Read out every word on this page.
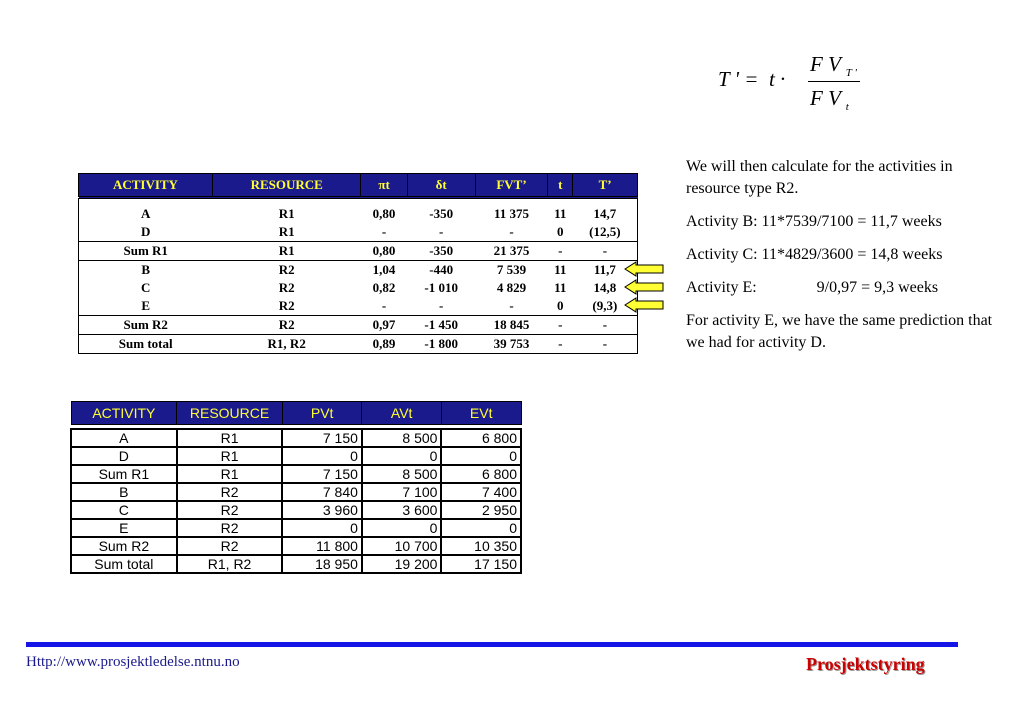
T ' =  t ·
F V $_{T '}$
F V $_t$
ACTIVITY	RESOURCE	πt	δt	FVT’	t	T’

A	R1	0,80	-350	11 375	11	14,7
D	R1	-	-	-	0	(12,5)
Sum R1	R1	0,80	-350	21 375	-	-
B	R2	1,04	-440	7 539	11	11,7
C	R2	0,82	-1 010	4 829	11	14,8
E	R2	-	-	-	0	(9,3)
Sum R2	R2	0,97	-1 450	18 845	-	-
Sum total	R1, R2	0,89	-1 800	39 753	-	-

We will then calculate for the activities in resource type R2.

Activity B: 11*7539/7100 = 11,7 weeks

Activity C: 11*4829/3600 = 14,8 weeks

Activity E:               9/0,97 = 9,3 weeks

For activity E, we have the same prediction that we had for activity D.

ACTIVITY	RESOURCE	PVt	AVt	EVt

A	R1	7 150	8 500	6 800
D	R1	0	0	0
Sum R1	R1	7 150	8 500	6 800
B	R2	7 840	7 100	7 400
C	R2	3 960	3 600	2 950
E	R2	0	0	0
Sum R2	R2	11 800	10 700	10 350
Sum total	R1, R2	18 950	19 200	17 150
Http://www.prosjektledelse.ntnu.no	Prosjektstyring
